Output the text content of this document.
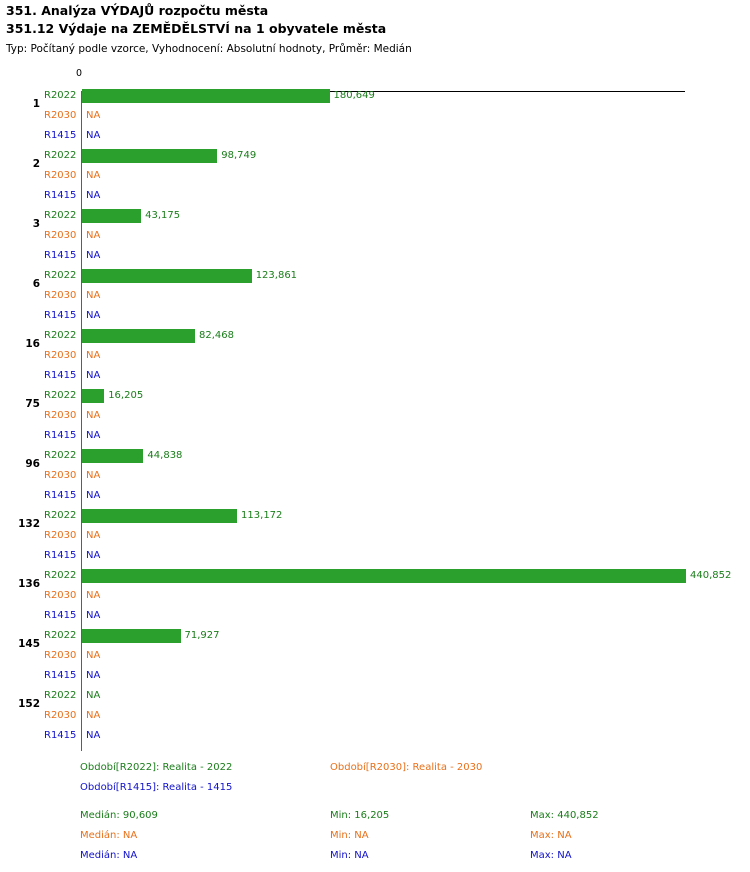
351. Analýza VÝDAJŮ rozpočtu města
351.12 Výdaje na ZEMĚDĚLSTVÍ na 1 obyvatele města
Typ: Počítaný podle vzorce, Vyhodnocení: Absolutní hodnoty, Průměr: Medián
0
1
R2022	180,649
R2030 NA
R1415 NA
2
R2022	98,749
R2030 NA
R1415 NA
3
R2022	43,175
R2030 NA
R1415 NA
6
R2022	123,861
R2030 NA
R1415 NA
16
R2022	82,468
R2030 NA
R1415 NA
75
R2022	16,205
R2030 NA
R1415 NA
96
R2022	44,838
R2030 NA
R1415 NA
132
R2022	113,172
R2030 NA
R1415 NA
136
R2022	440,852
R2030 NA
R1415 NA
145
R2022	71,927
R2030 NA
R1415 NA
152
R2022 NA
R2030 NA
R1415 NA
Období[R2022]: Realita - 2022	Období[R2030]: Realita - 2030
Období[R1415]: Realita - 1415
Medián: 90,609	Min: 16,205	Max: 440,852
Medián: NA	Min: NA	Max: NA
Medián: NA	Min: NA	Max: NA
